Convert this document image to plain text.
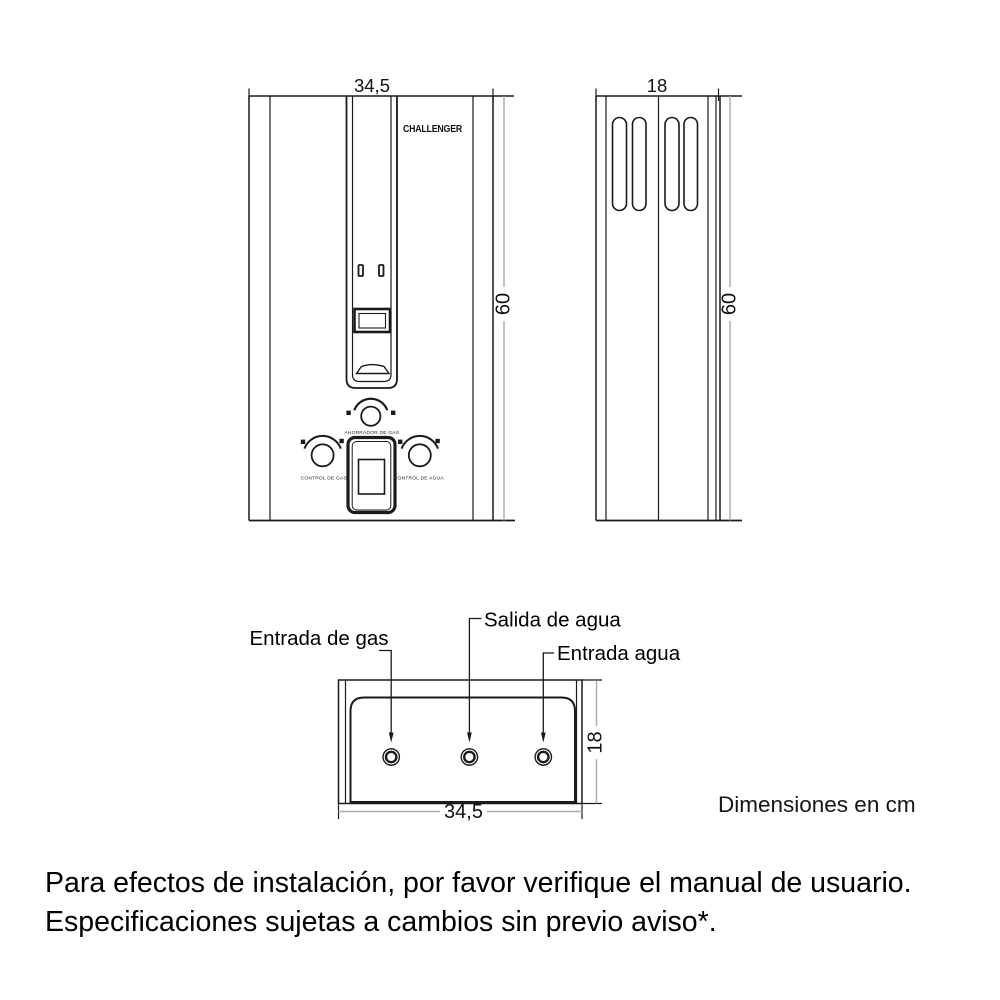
AHORRADOR DE GAS
CONTROL DE GAS	CONTROL DE AGUA
CHALLENGER
34,5
60
18
60
Entrada de gas
Salida de agua
Entrada agua
34,5
18
Dimensiones en cm
Para efectos de instalación, por favor verifique el manual de usuario.
Especificaciones sujetas a cambios sin previo aviso*.
